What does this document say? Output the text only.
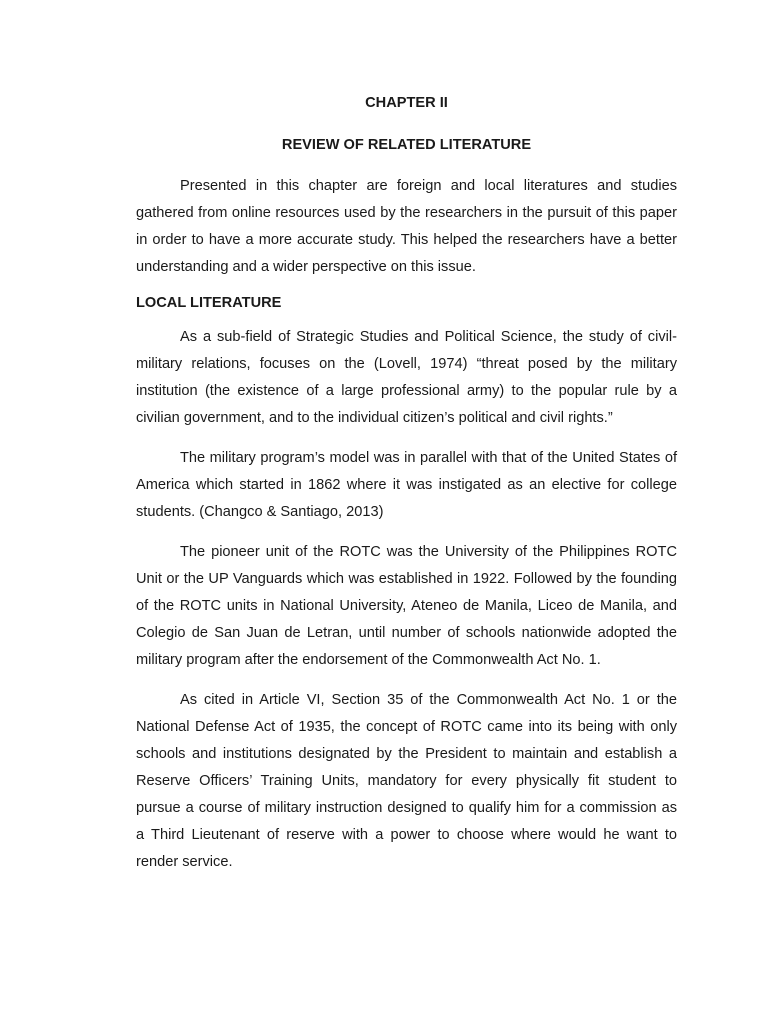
CHAPTER II
REVIEW OF RELATED LITERATURE

Presented in this chapter are foreign and local literatures and studies gathered from online resources used by the researchers in the pursuit of this paper in order to have a more accurate study. This helped the researchers have a better understanding and a wider perspective on this issue.

LOCAL LITERATURE

As a sub-field of Strategic Studies and Political Science, the study of civil-military relations, focuses on the (Lovell, 1974) “threat posed by the military institution (the existence of a large professional army) to the popular rule by a civilian government, and to the individual citizen’s political and civil rights.”

The military program’s model was in parallel with that of the United States of America which started in 1862 where it was instigated as an elective for college students. (Changco & Santiago, 2013)

The pioneer unit of the ROTC was the University of the Philippines ROTC Unit or the UP Vanguards which was established in 1922. Followed by the founding of the ROTC units in National University, Ateneo de Manila, Liceo de Manila, and Colegio de San Juan de Letran, until number of schools nationwide adopted the military program after the endorsement of the Commonwealth Act No. 1.

As cited in Article VI, Section 35 of the Commonwealth Act No. 1 or the National Defense Act of 1935, the concept of ROTC came into its being with only schools and institutions designated by the President to maintain and establish a Reserve Officers’ Training Units, mandatory for every physically fit student to pursue a course of military instruction designed to qualify him for a commission as a Third Lieutenant of reserve with a power to choose where would he want to render service.
